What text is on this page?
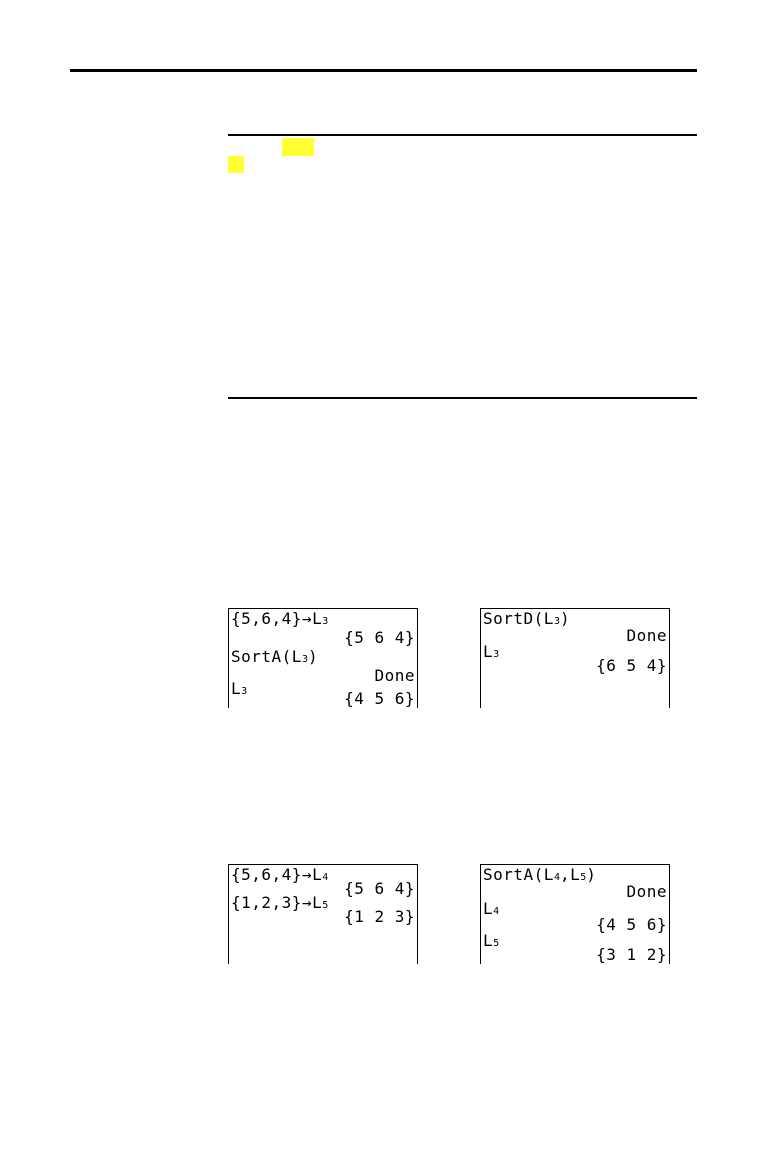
{5,6,4}→L3
{5 6 4}
SortA(L3)
Done
L3	{4 5 6}
SortD(L3)
Done
L3
{6 5 4}
{5,6,4}→L4
{5 6 4}
{1,2,3}→L5
{1 2 3}
SortA(L4,L5)
Done
L4
{4 5 6}
L5
{3 1 2}
